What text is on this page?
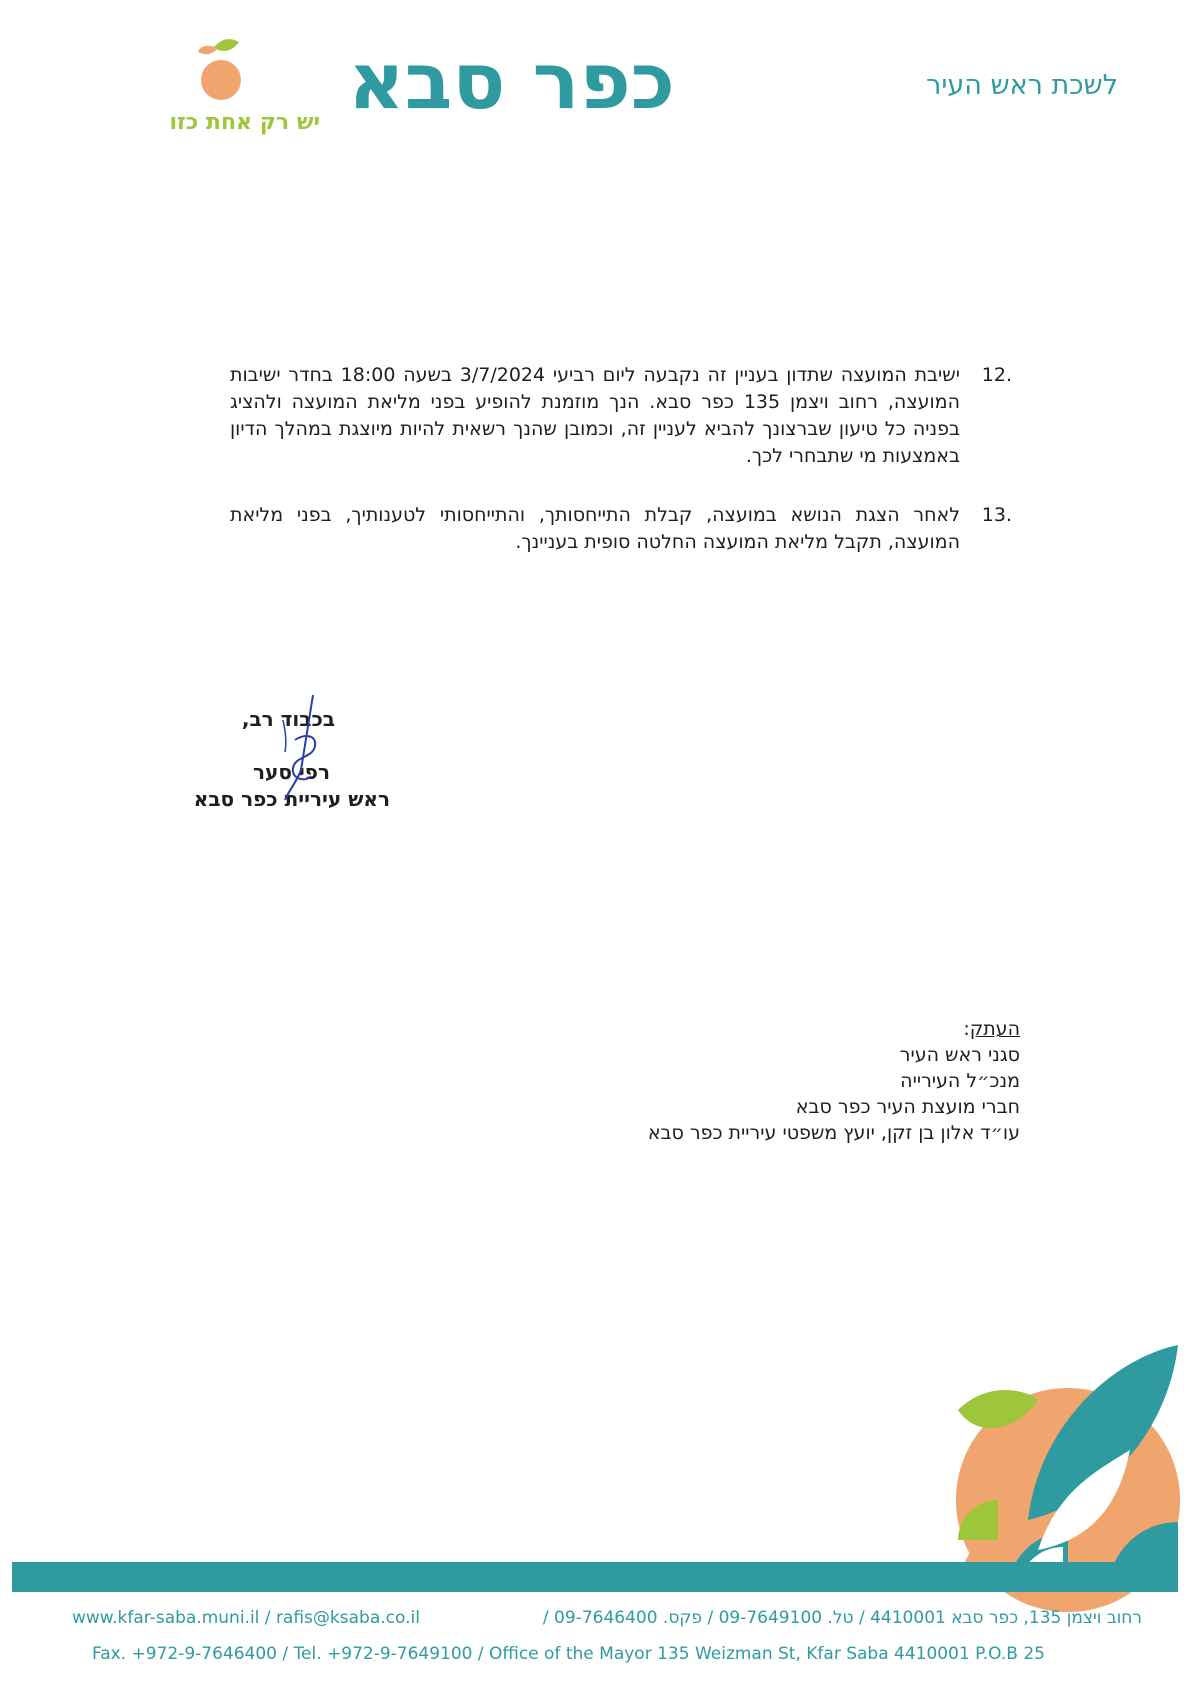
כפר סבא
יש רק אחת כזו
לשכת ראש העיר
12.
ישיבת המועצה שתדון בעניין זה נקבעה ליום רביעי 3/7/2024 בשעה 18:00 בחדר ישיבות המועצה, רחוב ויצמן 135 כפר סבא. הנך מוזמנת להופיע בפני מליאת המועצה ולהציג בפניה כל טיעון שברצונך להביא לעניין זה, וכמובן שהנך רשאית להיות מיוצגת במהלך הדיון באמצעות מי שתבחרי לכך.
13.
לאחר הצגת הנושא במועצה, קבלת התייחסותך, והתייחסותי לטענותיך, בפני מליאת המועצה, תקבל מליאת המועצה החלטה סופית בעניינך.
בכבוד רב,
רפי סער
ראש עיריית כפר סבא
העתק:
סגני ראש העיר
מנכ״ל העירייה
חברי מועצת העיר כפר סבא
עו״ד אלון בן זקן, יועץ משפטי עיריית כפר סבא
www.kfar-saba.muni.il / rafis@ksaba.co.il	רחוב ויצמן 135, כפר סבא 4410001 / טל. 09-7649100 / פקס. 09-7646400 /
Fax. +972-9-7646400 / Tel. +972-9-7649100 / Office of the Mayor 135 Weizman St, Kfar Saba 4410001 P.O.B 25
